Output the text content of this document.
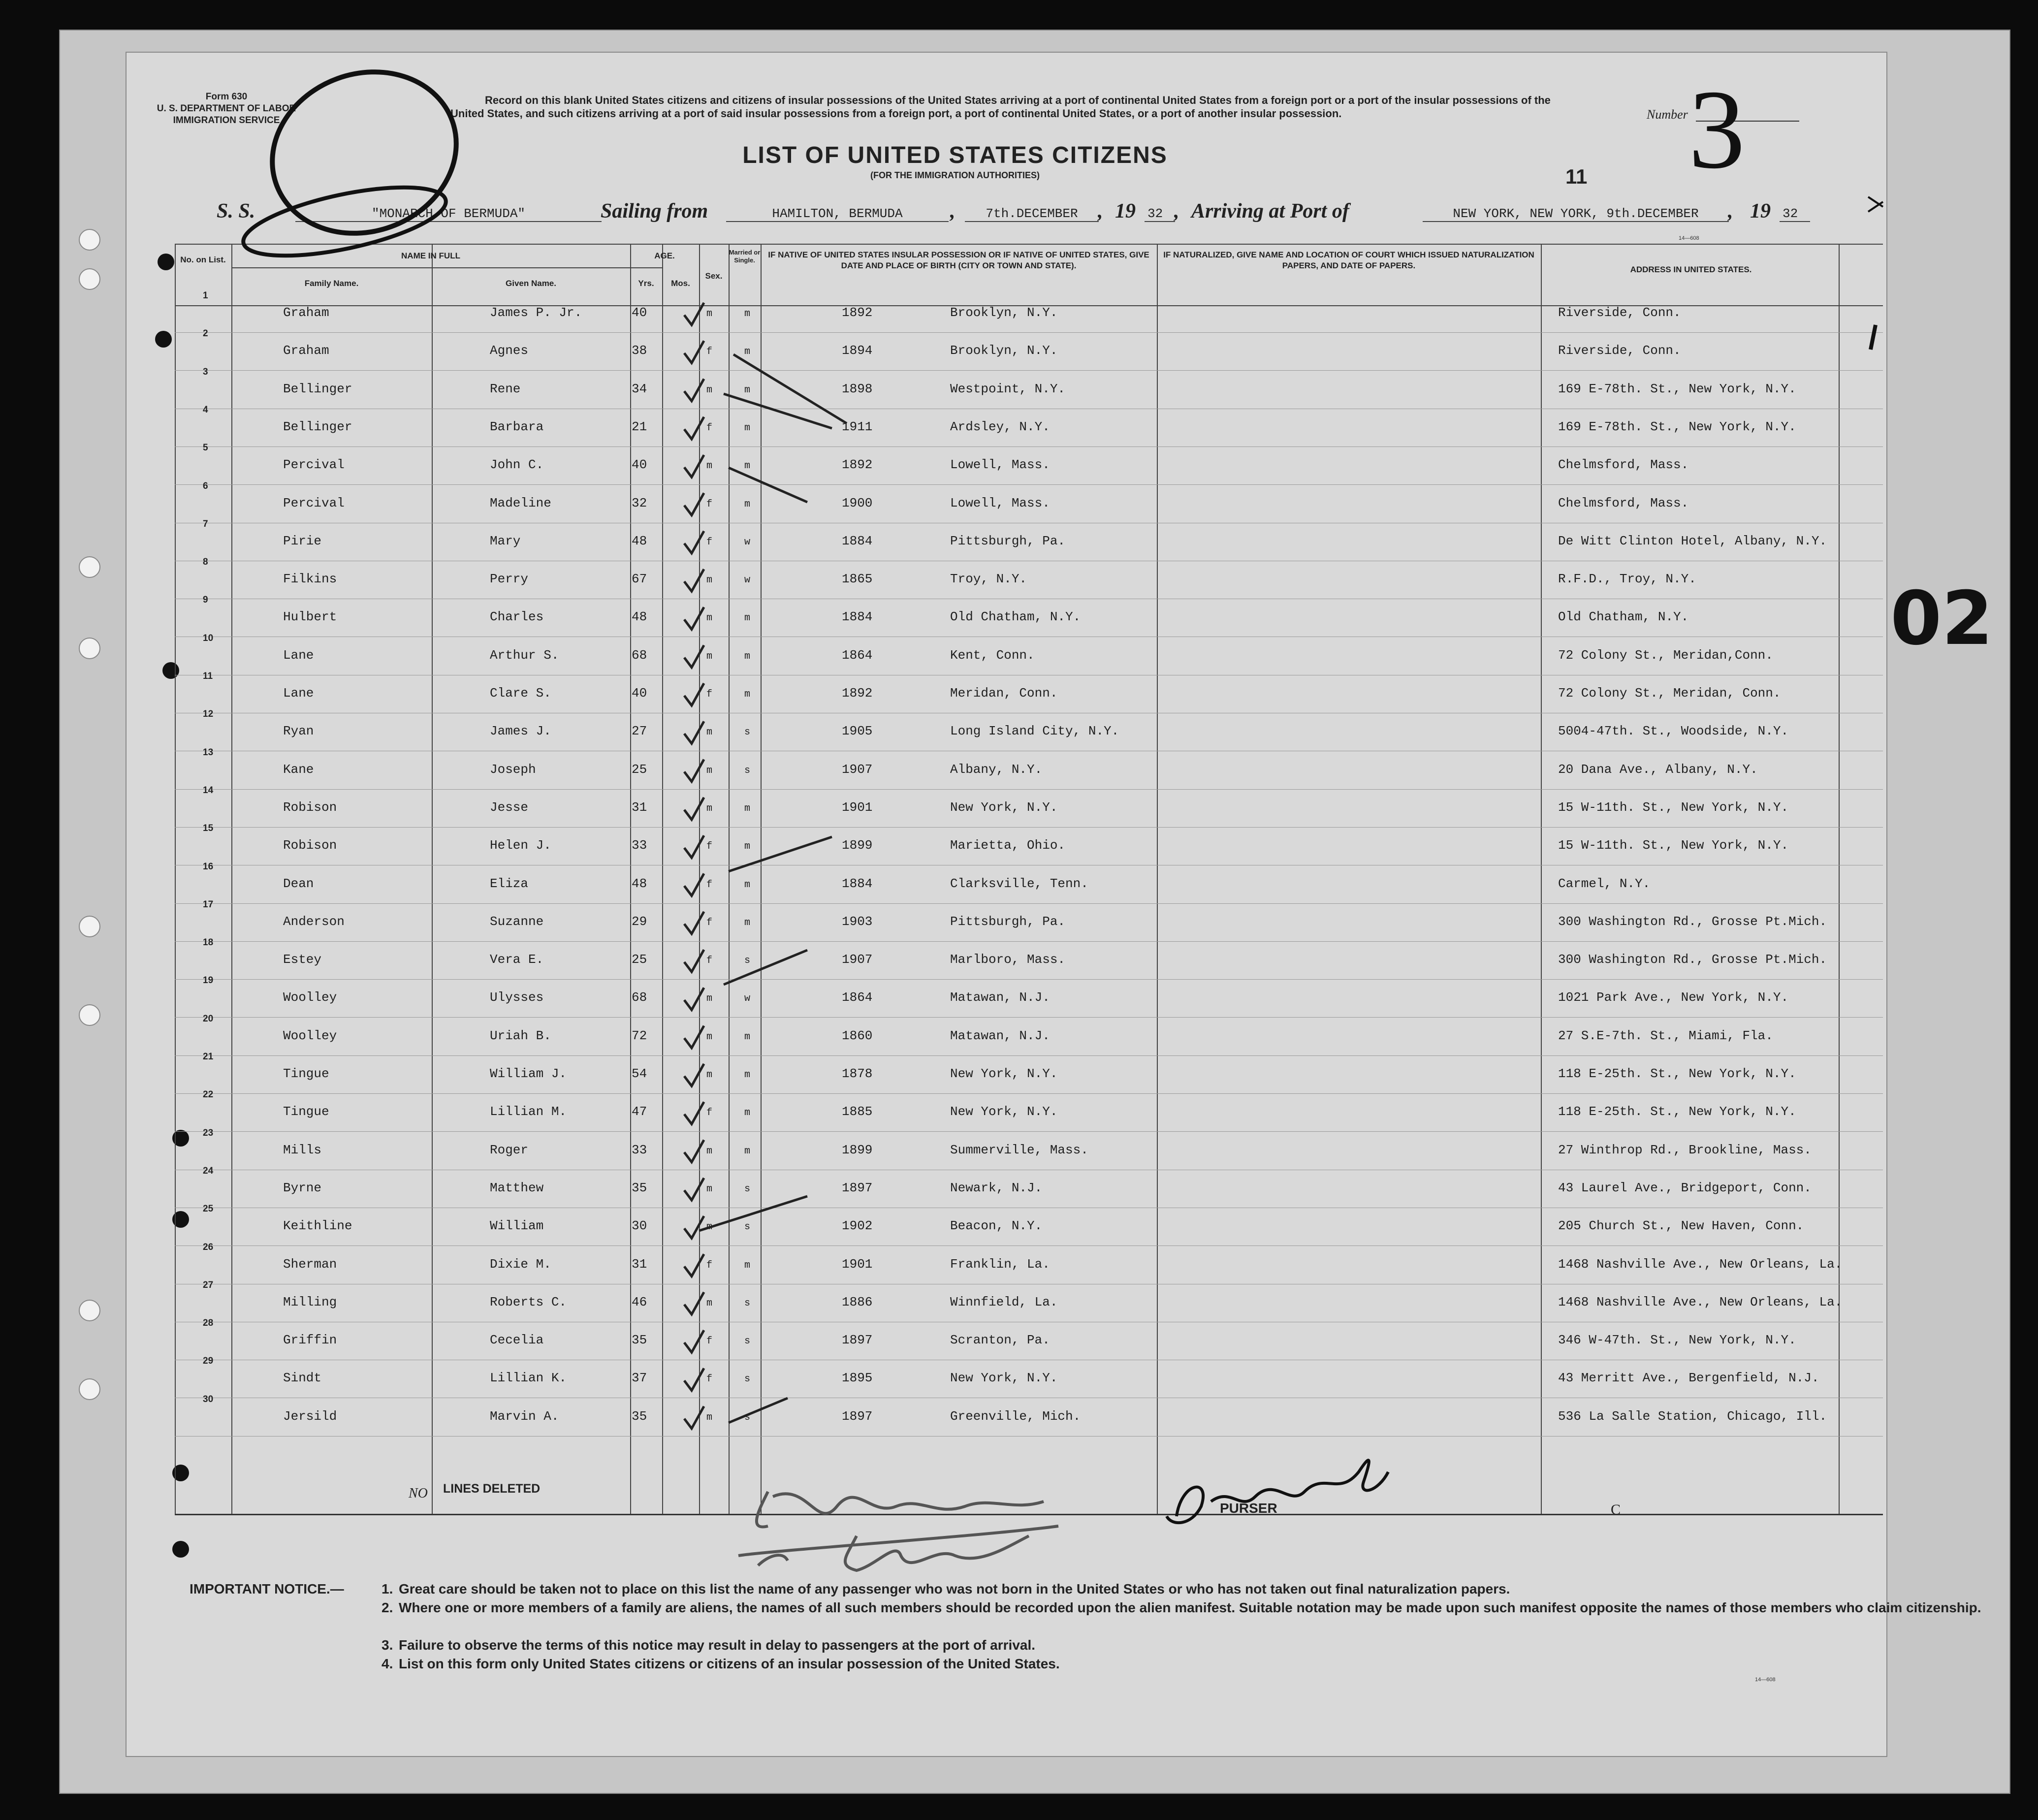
02
Form 630
U. S. DEPARTMENT OF LABOR
IMMIGRATION SERVICE
Record on this blank United States citizens and citizens of insular possessions of the United States arriving at a port of continental United States from a foreign port or a port of the insular possessions of the United States, and such citizens arriving at a port of said insular possessions from a foreign port, a port of continental United States, or a port of another insular possession.	Number 3
LIST OF UNITED STATES CITIZENS
(FOR THE IMMIGRATION AUTHORITIES)	11
S. S.	"MONARCH OF BERMUDA"	Sailing from	HAMILTON, BERMUDA	,	7th.DECEMBER , 19 32 , Arriving at Port of	NEW YORK, NEW YORK, 9th.DECEMBER	, 19 32
14—608
No. on List.	NAME IN FULL
Family Name.	Given Name.
AGE.
Yrs.	Mos.
Sex.
Married or Single.
IF NATIVE OF UNITED STATES INSULAR POSSESSION OR IF NATIVE OF UNITED STATES, GIVE DATE AND PLACE OF BIRTH (CITY OR TOWN AND STATE).
IF NATURALIZED, GIVE NAME AND LOCATION OF COURT WHICH ISSUED NATURALIZATION PAPERS, AND DATE OF PAPERS.	ADDRESS IN UNITED STATES.
NO LINES DELETED
PURSER	C
IMPORTANT NOTICE.—	1. Great care should be taken not to place on this list the name of any passenger who was not born in the United States or who has not taken out final naturalization papers.
2. Where one or more members of a family are aliens, the names of all such members should be recorded upon the alien manifest. Suitable notation may be made upon such manifest opposite the names of those members who claim citizenship.
3. Failure to observe the terms of this notice may result in delay to passengers at the port of arrival.
4. List on this form only United States citizens or citizens of an insular possession of the United States.
14—608
1
Graham	James P. Jr.	40	m	m	1892	Brooklyn, N.Y.	Riverside, Conn.
2
Graham	Agnes	38	f	m	1894	Brooklyn, N.Y.	Riverside, Conn.
3
Bellinger	Rene	34	m	m	1898	Westpoint, N.Y.	169 E-78th. St., New York, N.Y.
4
Bellinger	Barbara	21	f	m	1911	Ardsley, N.Y.	169 E-78th. St., New York, N.Y.
5
Percival	John C.	40	m	m	1892	Lowell, Mass.	Chelmsford, Mass.
6
Percival	Madeline	32	f	m	1900	Lowell, Mass.	Chelmsford, Mass.
7
Pirie	Mary	48	f	w	1884	Pittsburgh, Pa.	De Witt Clinton Hotel, Albany, N.Y.
8
Filkins	Perry	67	m	w	1865	Troy, N.Y.	R.F.D., Troy, N.Y.
9
Hulbert	Charles	48	m	m	1884	Old Chatham, N.Y.	Old Chatham, N.Y.
10
Lane	Arthur S.	68	m	m	1864	Kent, Conn.	72 Colony St., Meridan,Conn.
11
Lane	Clare S.	40	f	m	1892	Meridan, Conn.	72 Colony St., Meridan, Conn.
12
Ryan	James J.	27	m	s	1905	Long Island City, N.Y.	5004-47th. St., Woodside, N.Y.
13
Kane	Joseph	25	m	s	1907	Albany, N.Y.	20 Dana Ave., Albany, N.Y.
14
Robison	Jesse	31	m	m	1901	New York, N.Y.	15 W-11th. St., New York, N.Y.
15
Robison	Helen J.	33	f	m	1899	Marietta, Ohio.	15 W-11th. St., New York, N.Y.
16
Dean	Eliza	48	f	m	1884	Clarksville, Tenn.	Carmel, N.Y.
17
Anderson	Suzanne	29	f	m	1903	Pittsburgh, Pa.	300 Washington Rd., Grosse Pt.Mich.
18
Estey	Vera E.	25	f	s	1907	Marlboro, Mass.	300 Washington Rd., Grosse Pt.Mich.
19
Woolley	Ulysses	68	m	w	1864	Matawan, N.J.	1021 Park Ave., New York, N.Y.
20
Woolley	Uriah B.	72	m	m	1860	Matawan, N.J.	27 S.E-7th. St., Miami, Fla.
21
Tingue	William J.	54	m	m	1878	New York, N.Y.	118 E-25th. St., New York, N.Y.
22
Tingue	Lillian M.	47	f	m	1885	New York, N.Y.	118 E-25th. St., New York, N.Y.
23
Mills	Roger	33	m	m	1899	Summerville, Mass.	27 Winthrop Rd., Brookline, Mass.
24
Byrne	Matthew	35	m	s	1897	Newark, N.J.	43 Laurel Ave., Bridgeport, Conn.
25
Keithline	William	30	m	s	1902	Beacon, N.Y.	205 Church St., New Haven, Conn.
26
Sherman	Dixie M.	31	f	m	1901	Franklin, La.	1468 Nashville Ave., New Orleans, La.
27
Milling	Roberts C.	46	m	s	1886	Winnfield, La.	1468 Nashville Ave., New Orleans, La.
28
Griffin	Cecelia	35	f	s	1897	Scranton, Pa.	346 W-47th. St., New York, N.Y.
29
Sindt	Lillian K.	37	f	s	1895	New York, N.Y.	43 Merritt Ave., Bergenfield, N.J.
30
Jersild	Marvin A.	35	m	s	1897	Greenville, Mich.	536 La Salle Station, Chicago, Ill.
